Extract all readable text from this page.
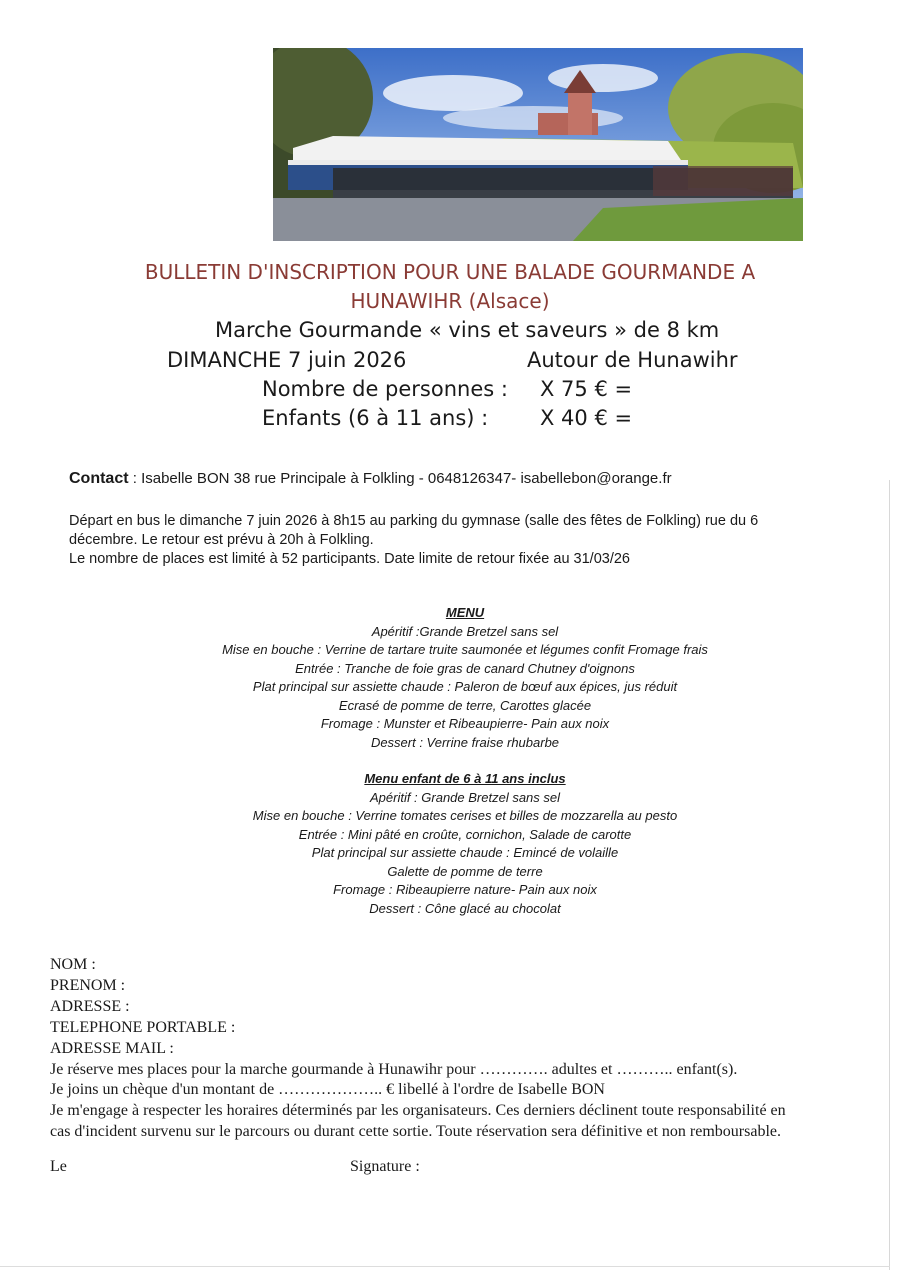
BULLETIN D'INSCRIPTION POUR UNE BALADE GOURMANDE A
HUNAWIHR (Alsace)
Marche Gourmande « vins et saveurs » de 8 km
DIMANCHE 7 juin 2026	Autour de Hunawihr
Nombre de personnes : X 75 € =
Enfants (6 à 11 ans) : X 40 € =
Contact : Isabelle BON 38 rue Principale à Folkling - 0648126347- isabellebon@orange.fr
Départ en bus le dimanche 7 juin 2026 à 8h15 au parking du gymnase (salle des fêtes de Folkling) rue du 6
décembre. Le retour est prévu à 20h à Folkling.
Le nombre de places est limité à 52 participants. Date limite de retour fixée au 31/03/26
MENU
Apéritif :Grande Bretzel sans sel
Mise en bouche : Verrine de tartare truite saumonée et légumes confit Fromage frais
Entrée : Tranche de foie gras de canard Chutney d'oignons
Plat principal sur assiette chaude : Paleron de bœuf aux épices, jus réduit
Ecrasé de pomme de terre, Carottes glacée
Fromage : Munster et Ribeaupierre- Pain aux noix
Dessert : Verrine fraise rhubarbe
Menu enfant de 6 à 11 ans inclus
Apéritif : Grande Bretzel sans sel
Mise en bouche : Verrine tomates cerises et billes de mozzarella au pesto
Entrée : Mini pâté en croûte, cornichon, Salade de carotte
Plat principal sur assiette chaude : Emincé de volaille
Galette de pomme de terre
Fromage : Ribeaupierre nature- Pain aux noix
Dessert : Cône glacé au chocolat
NOM :
PRENOM :
ADRESSE :
TELEPHONE PORTABLE :
ADRESSE MAIL :
Je réserve mes places pour la marche gourmande à Hunawihr pour …………. adultes et ……….. enfant(s).
Je joins un chèque d'un montant de ……………….. € libellé à l'ordre de Isabelle BON
Je m'engage à respecter les horaires déterminés par les organisateurs. Ces derniers déclinent toute responsabilité en
cas d'incident survenu sur le parcours ou durant cette sortie. Toute réservation sera définitive et non remboursable.
Le	Signature :
